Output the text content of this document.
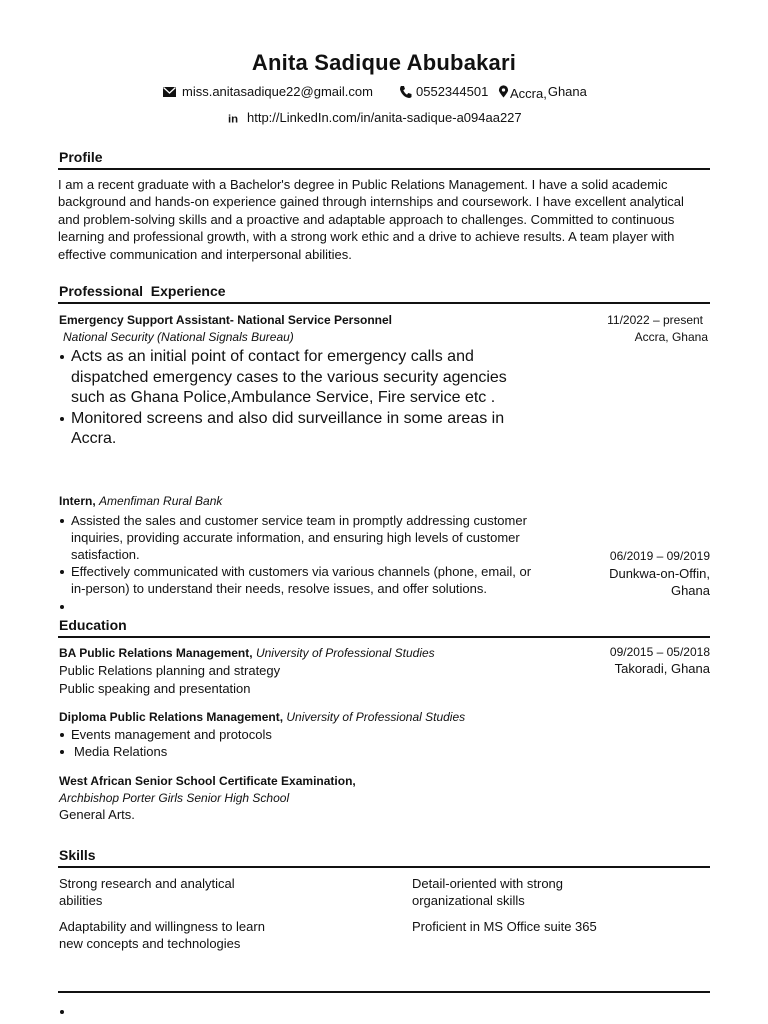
Anita Sadique Abubakari
miss.anitasadique22@gmail.com	0552344501 Accra, Ghana
in http://LinkedIn.com/in/anita-sadique-a094aa227
Profile
I am a recent graduate with a Bachelor's degree in Public Relations Management. I have a solid academic
background and hands-on experience gained through internships and coursework. I have excellent analytical
and problem-solving skills and a proactive and adaptable approach to challenges. Committed to continuous
learning and professional growth, with a strong work ethic and a drive to achieve results. A team player with
effective communication and interpersonal abilities.
Professional  Experience
Emergency Support Assistant- National Service Personnel
National Security (National Signals Bureau)
11/2022 – present
Accra, Ghana
Acts as an initial point of contact for emergency calls and
dispatched emergency cases to the various security agencies
such as Ghana Police,Ambulance Service, Fire service etc .
Monitored screens and also did surveillance in some areas in
Accra.
Intern, Amenfiman Rural Bank
Assisted the sales and customer service team in promptly addressing customer
inquiries, providing accurate information, and ensuring high levels of customer
satisfaction.
Effectively communicated with customers via various channels (phone, email, or
in-person) to understand their needs, resolve issues, and offer solutions.
06/2019 – 09/2019
Dunkwa-on-Offin,
Ghana
Education
BA Public Relations Management, University of Professional Studies	09/2015 – 05/2018
Takoradi, Ghana
Public Relations planning and strategy
Public speaking and presentation
Diploma Public Relations Management, University of Professional Studies
Events management and protocols
Media Relations
West African Senior School Certificate Examination,
Archbishop Porter Girls Senior High School
General Arts.
Skills
Strong research and analytical
abilities
Detail-oriented with strong
organizational skills
Adaptability and willingness to learn
new concepts and technologies
Proficient in MS Office suite 365
